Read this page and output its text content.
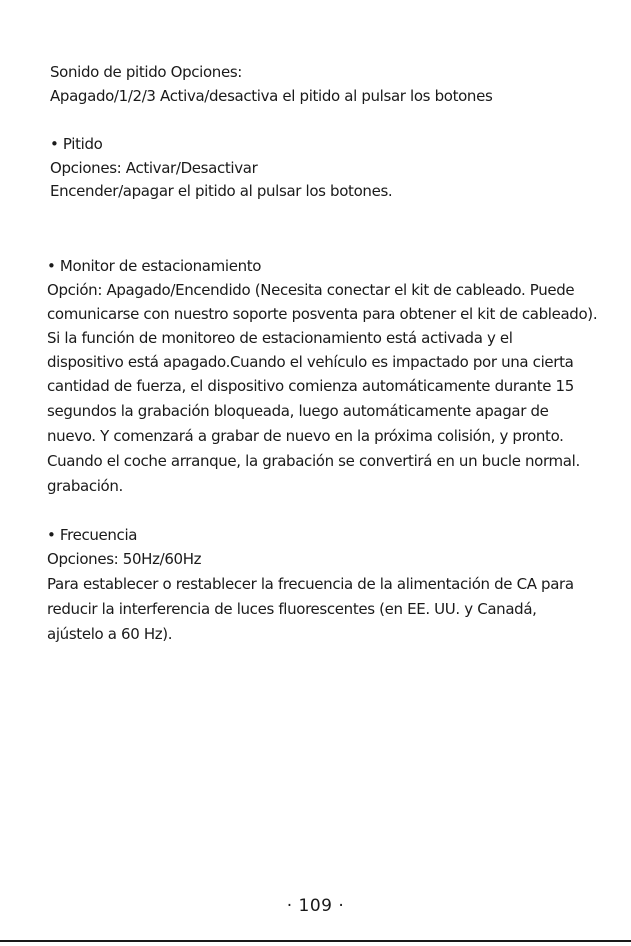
Sonido de pitido Opciones:
Apagado/1/2/3 Activa/desactiva el pitido al pulsar los botones
• Pitido
Opciones: Activar/Desactivar
Encender/apagar el pitido al pulsar los botones.
• Monitor de estacionamiento
Opción: Apagado/Encendido (Necesita conectar el kit de cableado. Puede
comunicarse con nuestro soporte posventa para obtener el kit de cableado).
Si la función de monitoreo de estacionamiento está activada y el
dispositivo está apagado.Cuando el vehículo es impactado por una cierta
cantidad de fuerza, el dispositivo comienza automáticamente durante 15
segundos la grabación bloqueada, luego automáticamente apagar de
nuevo. Y comenzará a grabar de nuevo en la próxima colisión, y pronto.
Cuando el coche arranque, la grabación se convertirá en un bucle normal.
grabación.
• Frecuencia
Opciones: 50Hz/60Hz
Para establecer o restablecer la frecuencia de la alimentación de CA para
reducir la interferencia de luces fluorescentes (en EE. UU. y Canadá,
ajústelo a 60 Hz).
· 109 ·
